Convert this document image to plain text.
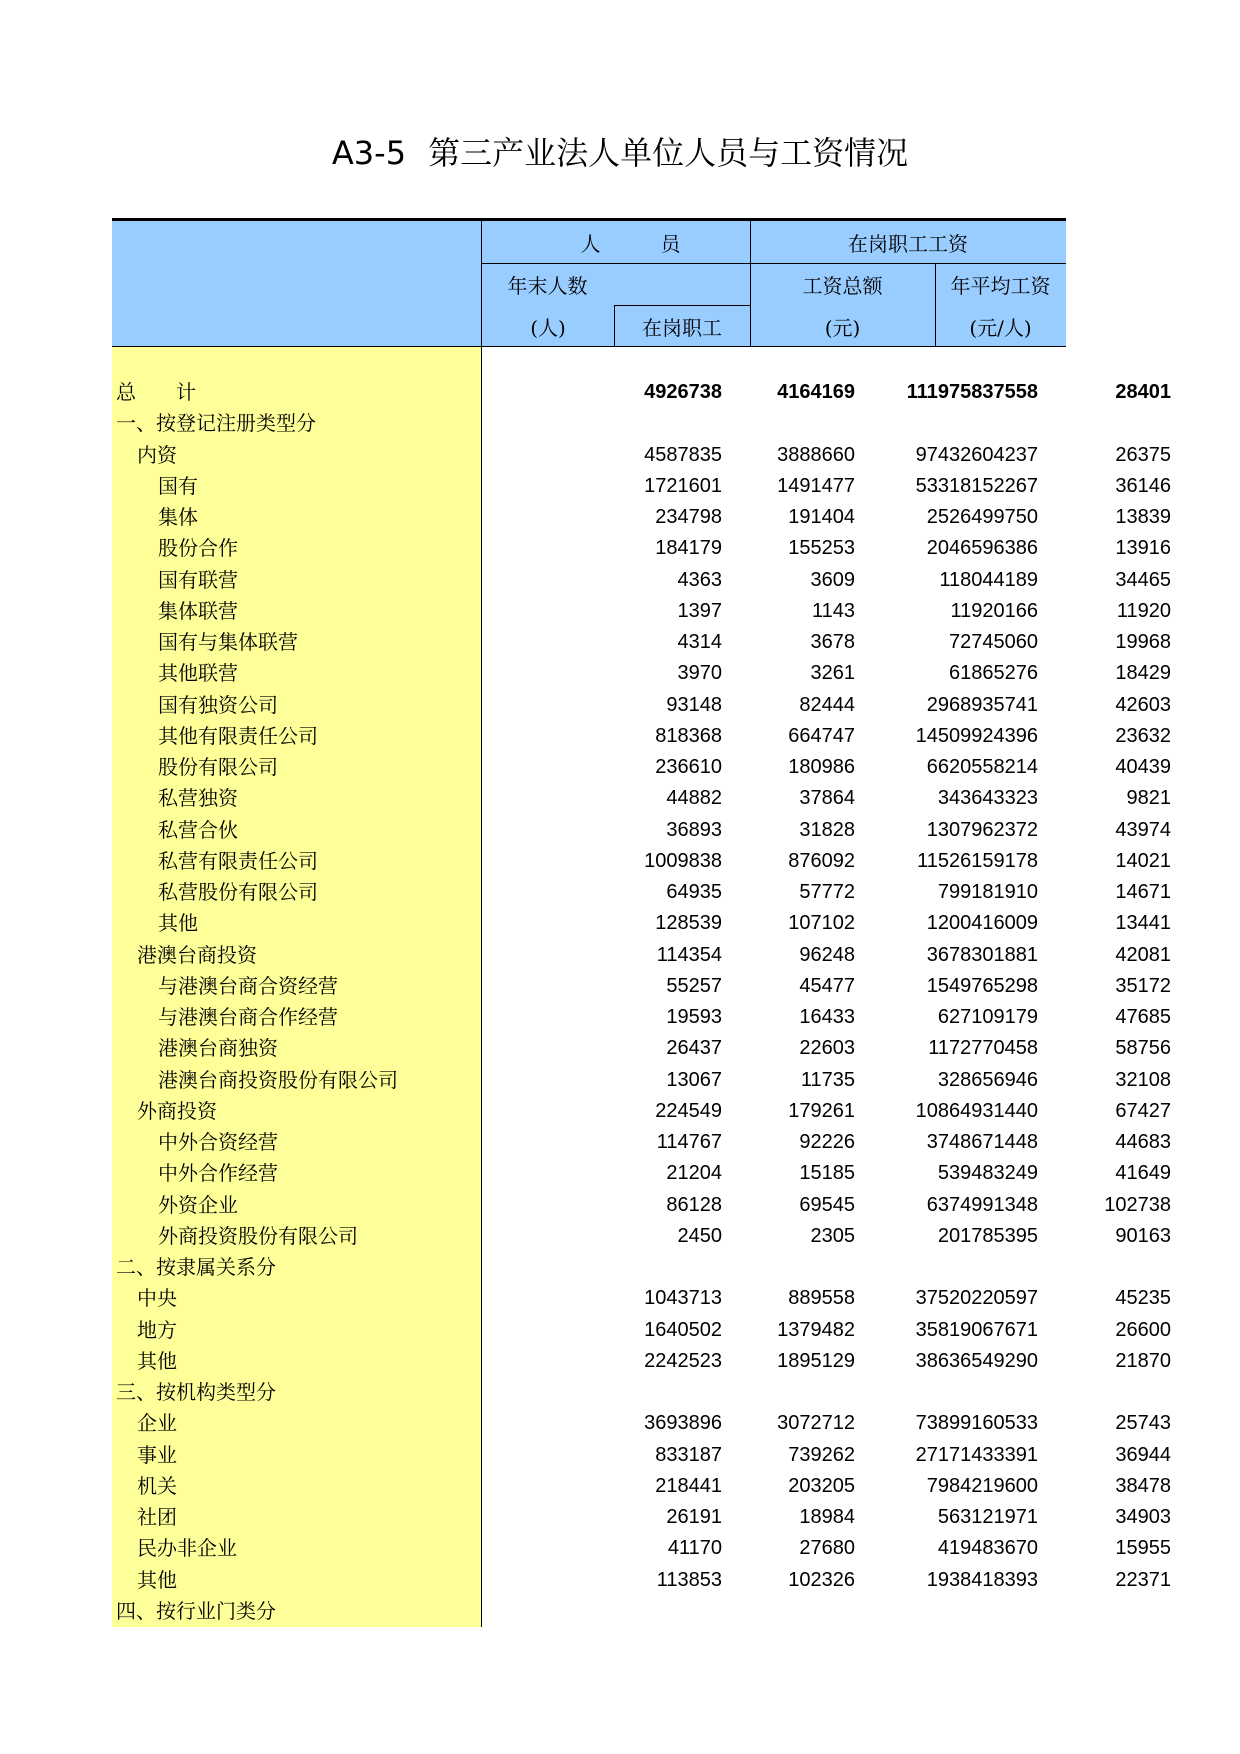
A3-5 第三产业法人单位人员与工资情况
人　　　员	在岗职工工资
年末人数	工资总额	年平均工资
(人)	在岗职工	(元)	(元/人)
总　　计	4926738	4164169	111975837558	28401
一、按登记注册类型分
内资	4587835	3888660	97432604237	26375
国有	1721601	1491477	53318152267	36146
集体	234798	191404	2526499750	13839
股份合作	184179	155253	2046596386	13916
国有联营	4363	3609	118044189	34465
集体联营	1397	1143	11920166	11920
国有与集体联营	4314	3678	72745060	19968
其他联营	3970	3261	61865276	18429
国有独资公司	93148	82444	2968935741	42603
其他有限责任公司	818368	664747	14509924396	23632
股份有限公司	236610	180986	6620558214	40439
私营独资	44882	37864	343643323	9821
私营合伙	36893	31828	1307962372	43974
私营有限责任公司	1009838	876092	11526159178	14021
私营股份有限公司	64935	57772	799181910	14671
其他	128539	107102	1200416009	13441
港澳台商投资	114354	96248	3678301881	42081
与港澳台商合资经营	55257	45477	1549765298	35172
与港澳台商合作经营	19593	16433	627109179	47685
港澳台商独资	26437	22603	1172770458	58756
港澳台商投资股份有限公司	13067	11735	328656946	32108
外商投资	224549	179261	10864931440	67427
中外合资经营	114767	92226	3748671448	44683
中外合作经营	21204	15185	539483249	41649
外资企业	86128	69545	6374991348	102738
外商投资股份有限公司	2450	2305	201785395	90163
二、按隶属关系分
中央	1043713	889558	37520220597	45235
地方	1640502	1379482	35819067671	26600
其他	2242523	1895129	38636549290	21870
三、按机构类型分
企业	3693896	3072712	73899160533	25743
事业	833187	739262	27171433391	36944
机关	218441	203205	7984219600	38478
社团	26191	18984	563121971	34903
民办非企业	41170	27680	419483670	15955
其他	113853	102326	1938418393	22371
四、按行业门类分
